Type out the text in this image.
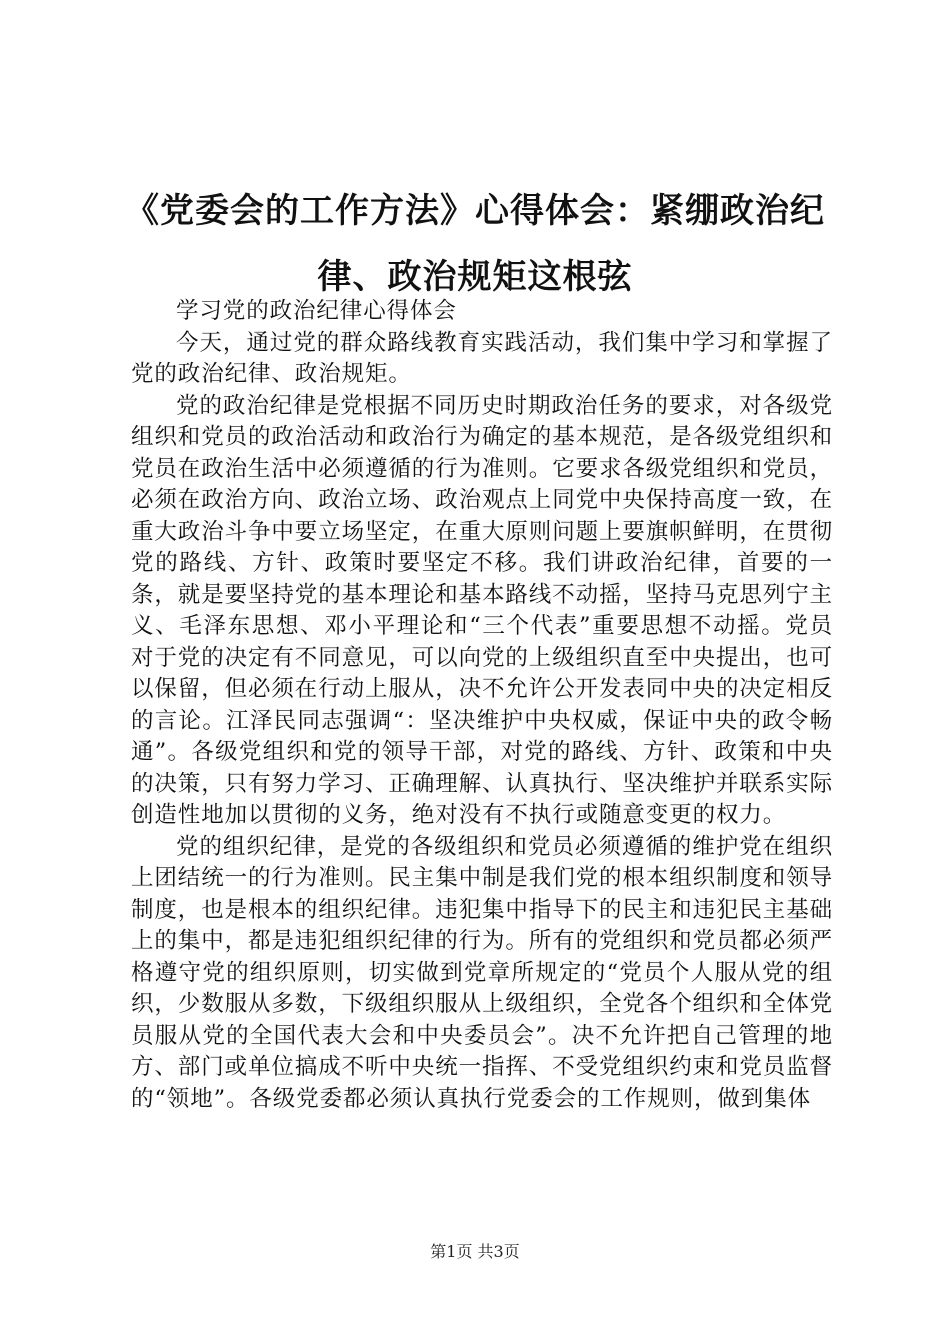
《党委会的工作方法》心得体会：紧绷政治纪
律、政治规矩这根弦

学习党的政治纪律心得体会

今天，通过党的群众路线教育实践活动，我们集中学习和掌握了党的政治纪律、政治规矩。

党的政治纪律是党根据不同历史时期政治任务的要求，对各级党组织和党员的政治活动和政治行为确定的基本规范，是各级党组织和党员在政治生活中必须遵循的行为准则。它要求各级党组织和党员，必须在政治方向、政治立场、政治观点上同党中央保持高度一致，在重大政治斗争中要立场坚定，在重大原则问题上要旗帜鲜明，在贯彻党的路线、方针、政策时要坚定不移。我们讲政治纪律，首要的一条，就是要坚持党的基本理论和基本路线不动摇，坚持马克思列宁主义、毛泽东思想、邓小平理论和“三个代表”重要思想不动摇。党员对于党的决定有不同意见，可以向党的上级组织直至中央提出，也可以保留，但必须在行动上服从，决不允许公开发表同中央的决定相反的言论。江泽民同志强调“：坚决维护中央权威，保证中央的政令畅通”。各级党组织和党的领导干部，对党的路线、方针、政策和中央的决策，只有努力学习、正确理解、认真执行、坚决维护并联系实际创造性地加以贯彻的义务，绝对没有不执行或随意变更的权力。

党的组织纪律，是党的各级组织和党员必须遵循的维护党在组织上团结统一的行为准则。民主集中制是我们党的根本组织制度和领导制度，也是根本的组织纪律。违犯集中指导下的民主和违犯民主基础上的集中，都是违犯组织纪律的行为。所有的党组织和党员都必须严格遵守党的组织原则，切实做到党章所规定的“党员个人服从党的组织，少数服从多数，下级组织服从上级组织，全党各个组织和全体党员服从党的全国代表大会和中央委员会”。决不允许把自己管理的地方、部门或单位搞成不听中央统一指挥、不受党组织约束和党员监督的“领地”。各级党委都必须认真执行党委会的工作规则，做到集体

第1页 共3页
